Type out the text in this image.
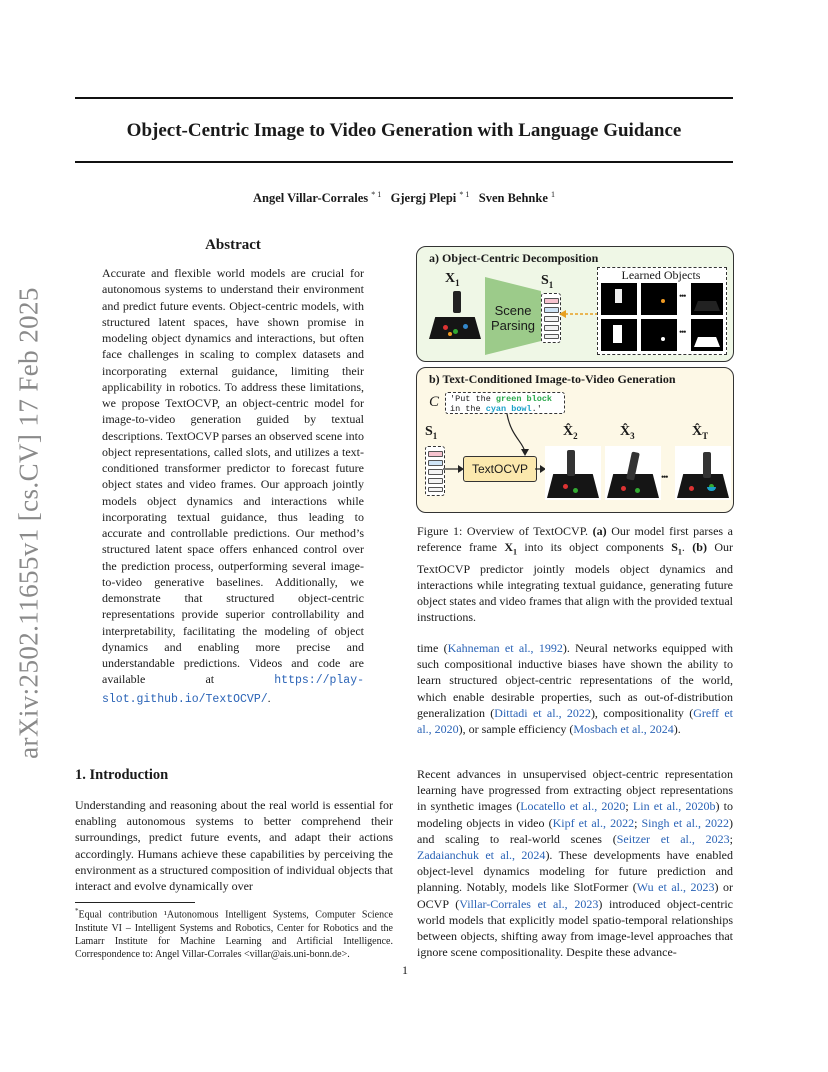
Object-Centric Image to Video Generation with Language Guidance
Angel Villar-Corrales $^{* 1}$ Gjergj Plepi $^{* 1}$ Sven Behnke $^1$
arXiv:2502.11655v1 [cs.CV] 17 Feb 2025
Abstract
Accurate and flexible world models are crucial for autonomous systems to understand their environment and predict future events. Object-centric models, with structured latent spaces, have shown promise in modeling object dynamics and interactions, but often face challenges in scaling to complex datasets and incorporating external guidance, limiting their applicability in robotics. To address these limitations, we propose TextOCVP, an object-centric model for image-to-video generation guided by textual descriptions. TextOCVP parses an observed scene into object representations, called slots, and utilizes a text-conditioned transformer predictor to forecast future object states and video frames. Our approach jointly models object dynamics and interactions while incorporating textual guidance, thus leading to accurate and controllable predictions. Our method’s structured latent space offers enhanced control over the prediction process, outperforming several image-to-video generative baselines. Additionally, we demonstrate that structured object-centric representations provide superior controllability and interpretability, facilitating the modeling of object dynamics and enabling more precise and understandable predictions. Videos and code are available at	https://play-slot.github.io/TextOCVP/.
1. Introduction
Understanding and reasoning about the real world is essential for enabling autonomous systems to better comprehend their surroundings, predict future events, and adapt their actions accordingly. Humans achieve these capabilities by perceiving the environment as a structured composition of individual objects that interact and evolve dynamically over
*Equal contribution ¹Autonomous Intelligent Systems, Computer Science Institute VI – Intelligent Systems and Robotics, Center for Robotics and the Lamarr Institute for Machine Learning and Artificial Intelligence. Correspondence to: Angel Villar-Corrales <villar@ais.uni-bonn.de>.
1
a) Object-Centric Decomposition
$X_1$
Scene
Parsing
$S_1$
Learned Objects
•••
•••
b) Text-Conditioned Image-to-Video Generation
C	'Put the green block
in the cyan bowl.'
$S_1$
TextOCVP
$X̂_2$	$X̂_3$	$X̂_T$
•••
Figure 1: Overview of TextOCVP. (a) Our model first parses a reference frame $X_1$ into its object components $S_1$. (b) Our TextOCVP predictor jointly models object dynamics and interactions while integrating textual guidance, generating future object states and video frames that align with the provided textual instructions.
time (Kahneman et al., 1992). Neural networks equipped with such compositional inductive biases have shown the ability to learn structured object-centric representations of the world, which enable desirable properties, such as out-of-distribution generalization (Dittadi et al., 2022), compositionality (Greff et al., 2020), or sample efficiency (Mosbach et al., 2024).
Recent advances in unsupervised object-centric representation learning have progressed from extracting object representations in synthetic images (Locatello et al., 2020; Lin et al., 2020b) to modeling objects in video (Kipf et al., 2022; Singh et al., 2022) and scaling to real-world scenes (Seitzer et al., 2023; Zadaianchuk et al., 2024). These developments have enabled object-level dynamics modeling for future prediction and planning. Notably, models like SlotFormer (Wu et al., 2023) or OCVP (Villar-Corrales et al., 2023) introduced object-centric world models that explicitly model spatio-temporal relationships between objects, shifting away from image-level approaches that ignore scene compositionality. Despite these advance-
